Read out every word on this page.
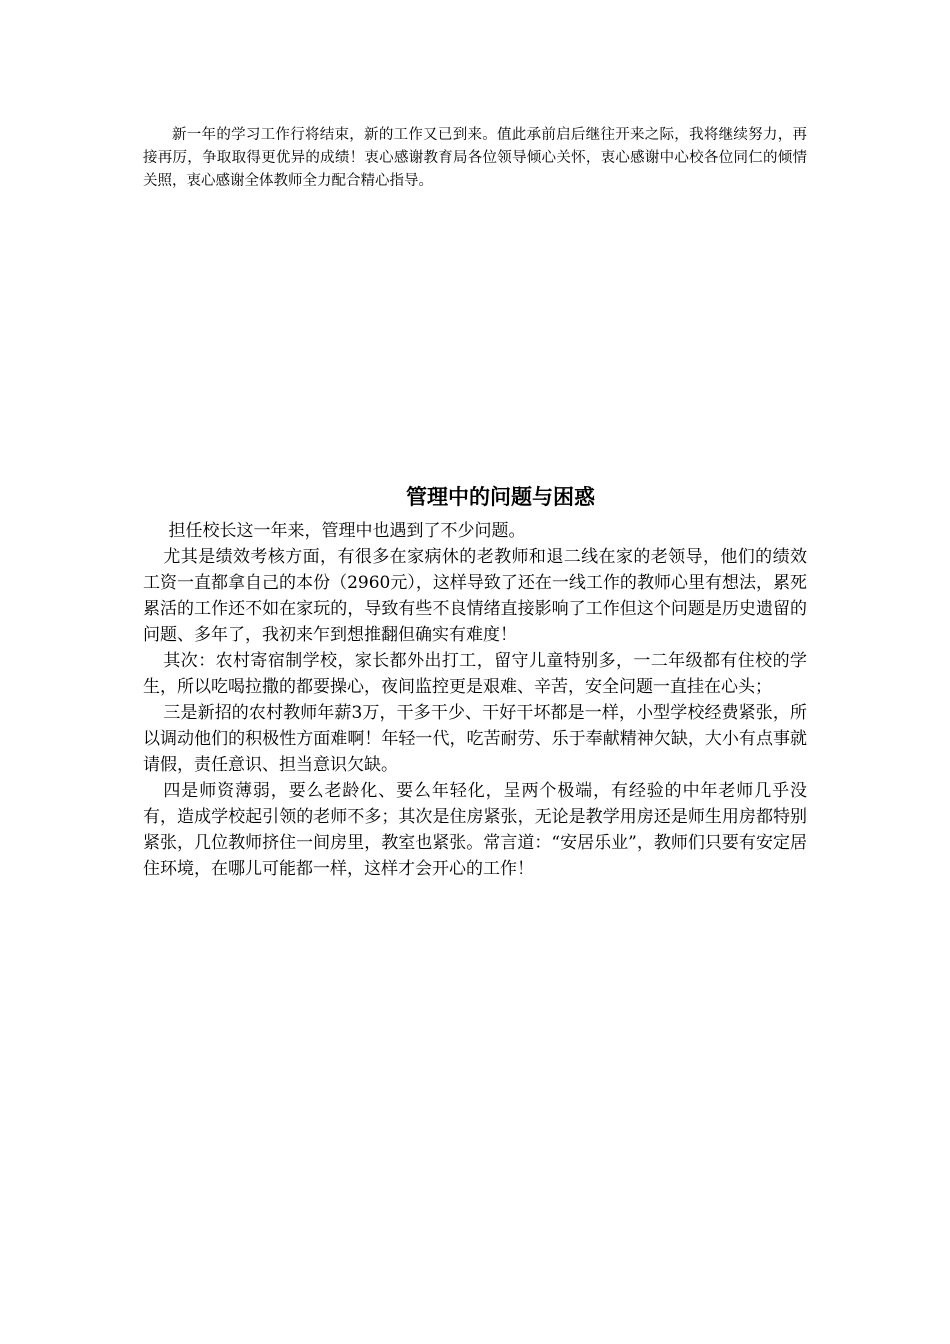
新一年的学习工作行将结束，新的工作又已到来。值此承前启后继往开来之际，我将继续努力，再接再厉，争取取得更优异的成绩！衷心感谢教育局各位领导倾心关怀，衷心感谢中心校各位同仁的倾情关照，衷心感谢全体教师全力配合精心指导。

管理中的问题与困惑

担任校长这一年来，管理中也遇到了不少问题。

尤其是绩效考核方面，有很多在家病休的老教师和退二线在家的老领导，他们的绩效工资一直都拿自己的本份（2960元），这样导致了还在一线工作的教师心里有想法，累死累活的工作还不如在家玩的，导致有些不良情绪直接影响了工作但这个问题是历史遗留的问题、多年了，我初来乍到想推翻但确实有难度！

其次：农村寄宿制学校，家长都外出打工，留守儿童特别多，一二年级都有住校的学生，所以吃喝拉撒的都要操心，夜间监控更是艰难、辛苦，安全问题一直挂在心头；

三是新招的农村教师年薪3万，干多干少、干好干坏都是一样，小型学校经费紧张，所以调动他们的积极性方面难啊！年轻一代，吃苦耐劳、乐于奉献精神欠缺，大小有点事就请假，责任意识、担当意识欠缺。

四是师资薄弱，要么老龄化、要么年轻化，呈两个极端，有经验的中年老师几乎没有，造成学校起引领的老师不多；其次是住房紧张，无论是教学用房还是师生用房都特别紧张，几位教师挤住一间房里，教室也紧张。常言道：“安居乐业”，教师们只要有安定居住环境，在哪儿可能都一样，这样才会开心的工作！
